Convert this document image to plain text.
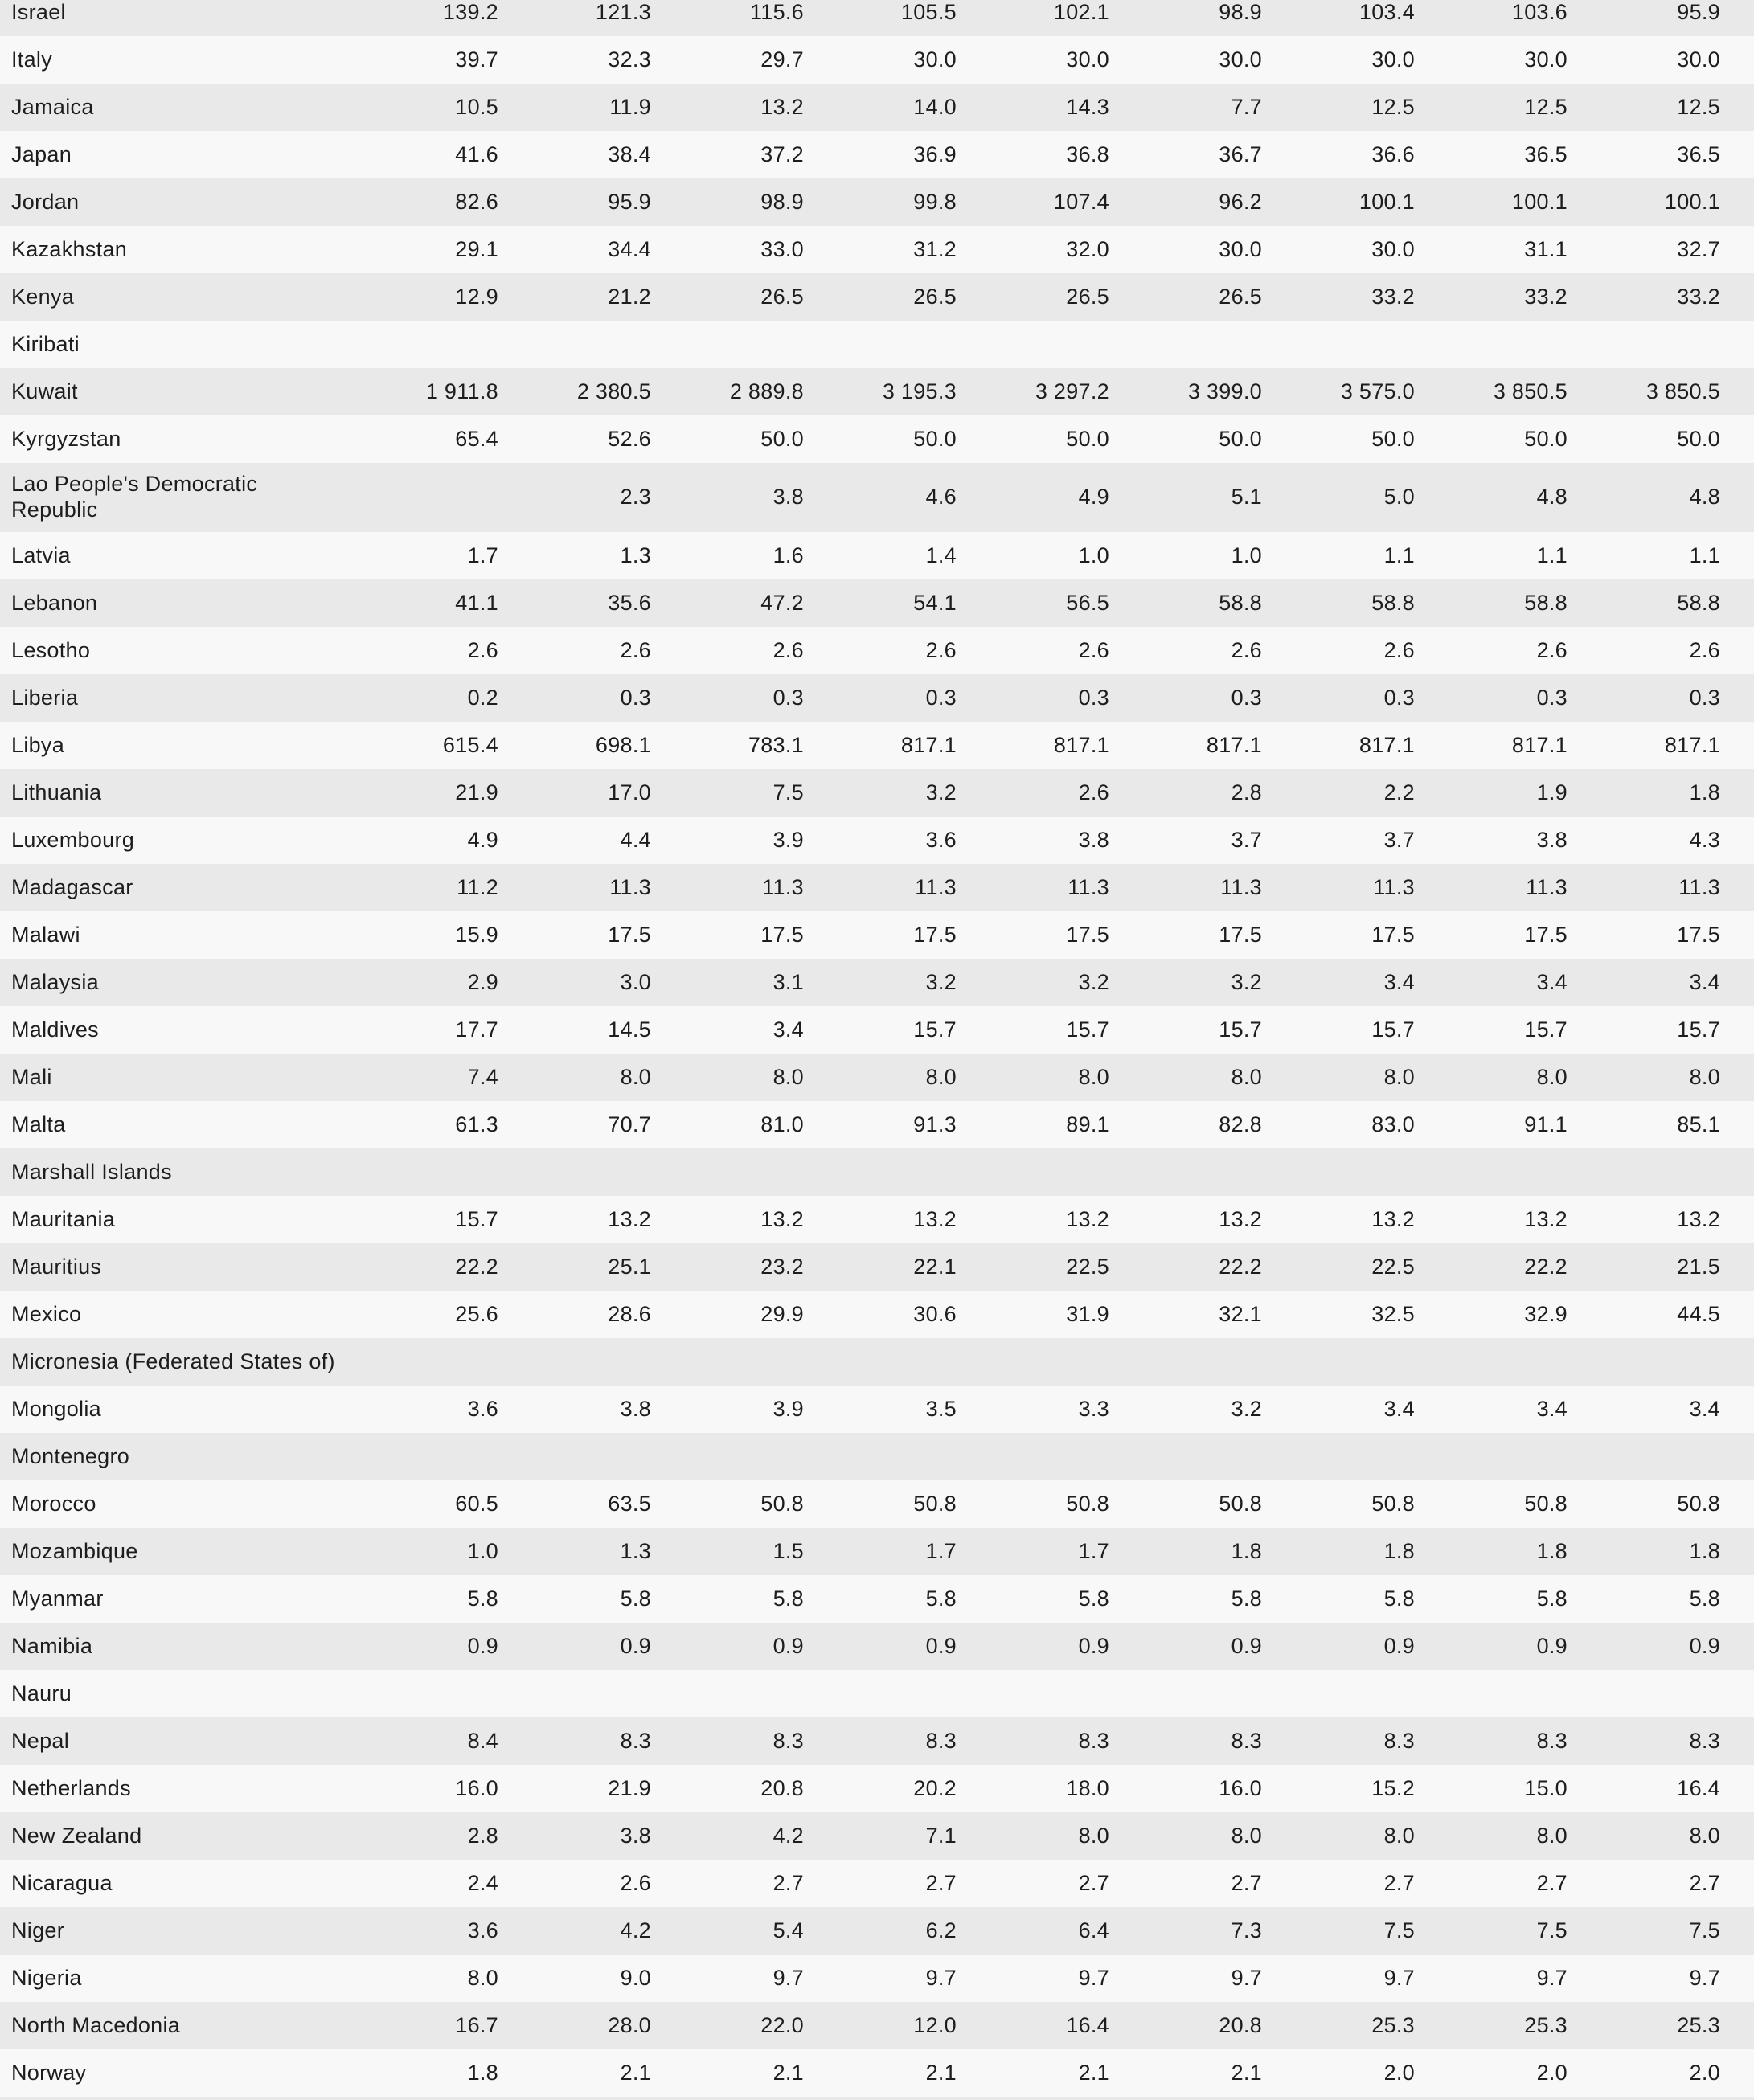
Israel	139.2	121.3	115.6	105.5	102.1	98.9	103.4	103.6	95.9
Italy	39.7	32.3	29.7	30.0	30.0	30.0	30.0	30.0	30.0
Jamaica	10.5	11.9	13.2	14.0	14.3	7.7	12.5	12.5	12.5
Japan	41.6	38.4	37.2	36.9	36.8	36.7	36.6	36.5	36.5
Jordan	82.6	95.9	98.9	99.8	107.4	96.2	100.1	100.1	100.1
Kazakhstan	29.1	34.4	33.0	31.2	32.0	30.0	30.0	31.1	32.7
Kenya	12.9	21.2	26.5	26.5	26.5	26.5	33.2	33.2	33.2
Kiribati									
Kuwait	1 911.8	2 380.5	2 889.8	3 195.3	3 297.2	3 399.0	3 575.0	3 850.5	3 850.5
Kyrgyzstan	65.4	52.6	50.0	50.0	50.0	50.0	50.0	50.0	50.0
Lao People's Democratic Republic		2.3	3.8	4.6	4.9	5.1	5.0	4.8	4.8
Latvia	1.7	1.3	1.6	1.4	1.0	1.0	1.1	1.1	1.1
Lebanon	41.1	35.6	47.2	54.1	56.5	58.8	58.8	58.8	58.8
Lesotho	2.6	2.6	2.6	2.6	2.6	2.6	2.6	2.6	2.6
Liberia	0.2	0.3	0.3	0.3	0.3	0.3	0.3	0.3	0.3
Libya	615.4	698.1	783.1	817.1	817.1	817.1	817.1	817.1	817.1
Lithuania	21.9	17.0	7.5	3.2	2.6	2.8	2.2	1.9	1.8
Luxembourg	4.9	4.4	3.9	3.6	3.8	3.7	3.7	3.8	4.3
Madagascar	11.2	11.3	11.3	11.3	11.3	11.3	11.3	11.3	11.3
Malawi	15.9	17.5	17.5	17.5	17.5	17.5	17.5	17.5	17.5
Malaysia	2.9	3.0	3.1	3.2	3.2	3.2	3.4	3.4	3.4
Maldives	17.7	14.5	3.4	15.7	15.7	15.7	15.7	15.7	15.7
Mali	7.4	8.0	8.0	8.0	8.0	8.0	8.0	8.0	8.0
Malta	61.3	70.7	81.0	91.3	89.1	82.8	83.0	91.1	85.1
Marshall Islands									
Mauritania	15.7	13.2	13.2	13.2	13.2	13.2	13.2	13.2	13.2
Mauritius	22.2	25.1	23.2	22.1	22.5	22.2	22.5	22.2	21.5
Mexico	25.6	28.6	29.9	30.6	31.9	32.1	32.5	32.9	44.5
Micronesia (Federated States of)									
Mongolia	3.6	3.8	3.9	3.5	3.3	3.2	3.4	3.4	3.4
Montenegro									
Morocco	60.5	63.5	50.8	50.8	50.8	50.8	50.8	50.8	50.8
Mozambique	1.0	1.3	1.5	1.7	1.7	1.8	1.8	1.8	1.8
Myanmar	5.8	5.8	5.8	5.8	5.8	5.8	5.8	5.8	5.8
Namibia	0.9	0.9	0.9	0.9	0.9	0.9	0.9	0.9	0.9
Nauru									
Nepal	8.4	8.3	8.3	8.3	8.3	8.3	8.3	8.3	8.3
Netherlands	16.0	21.9	20.8	20.2	18.0	16.0	15.2	15.0	16.4
New Zealand	2.8	3.8	4.2	7.1	8.0	8.0	8.0	8.0	8.0
Nicaragua	2.4	2.6	2.7	2.7	2.7	2.7	2.7	2.7	2.7
Niger	3.6	4.2	5.4	6.2	6.4	7.3	7.5	7.5	7.5
Nigeria	8.0	9.0	9.7	9.7	9.7	9.7	9.7	9.7	9.7
North Macedonia	16.7	28.0	22.0	12.0	16.4	20.8	25.3	25.3	25.3
Norway	1.8	2.1	2.1	2.1	2.1	2.1	2.0	2.0	2.0
